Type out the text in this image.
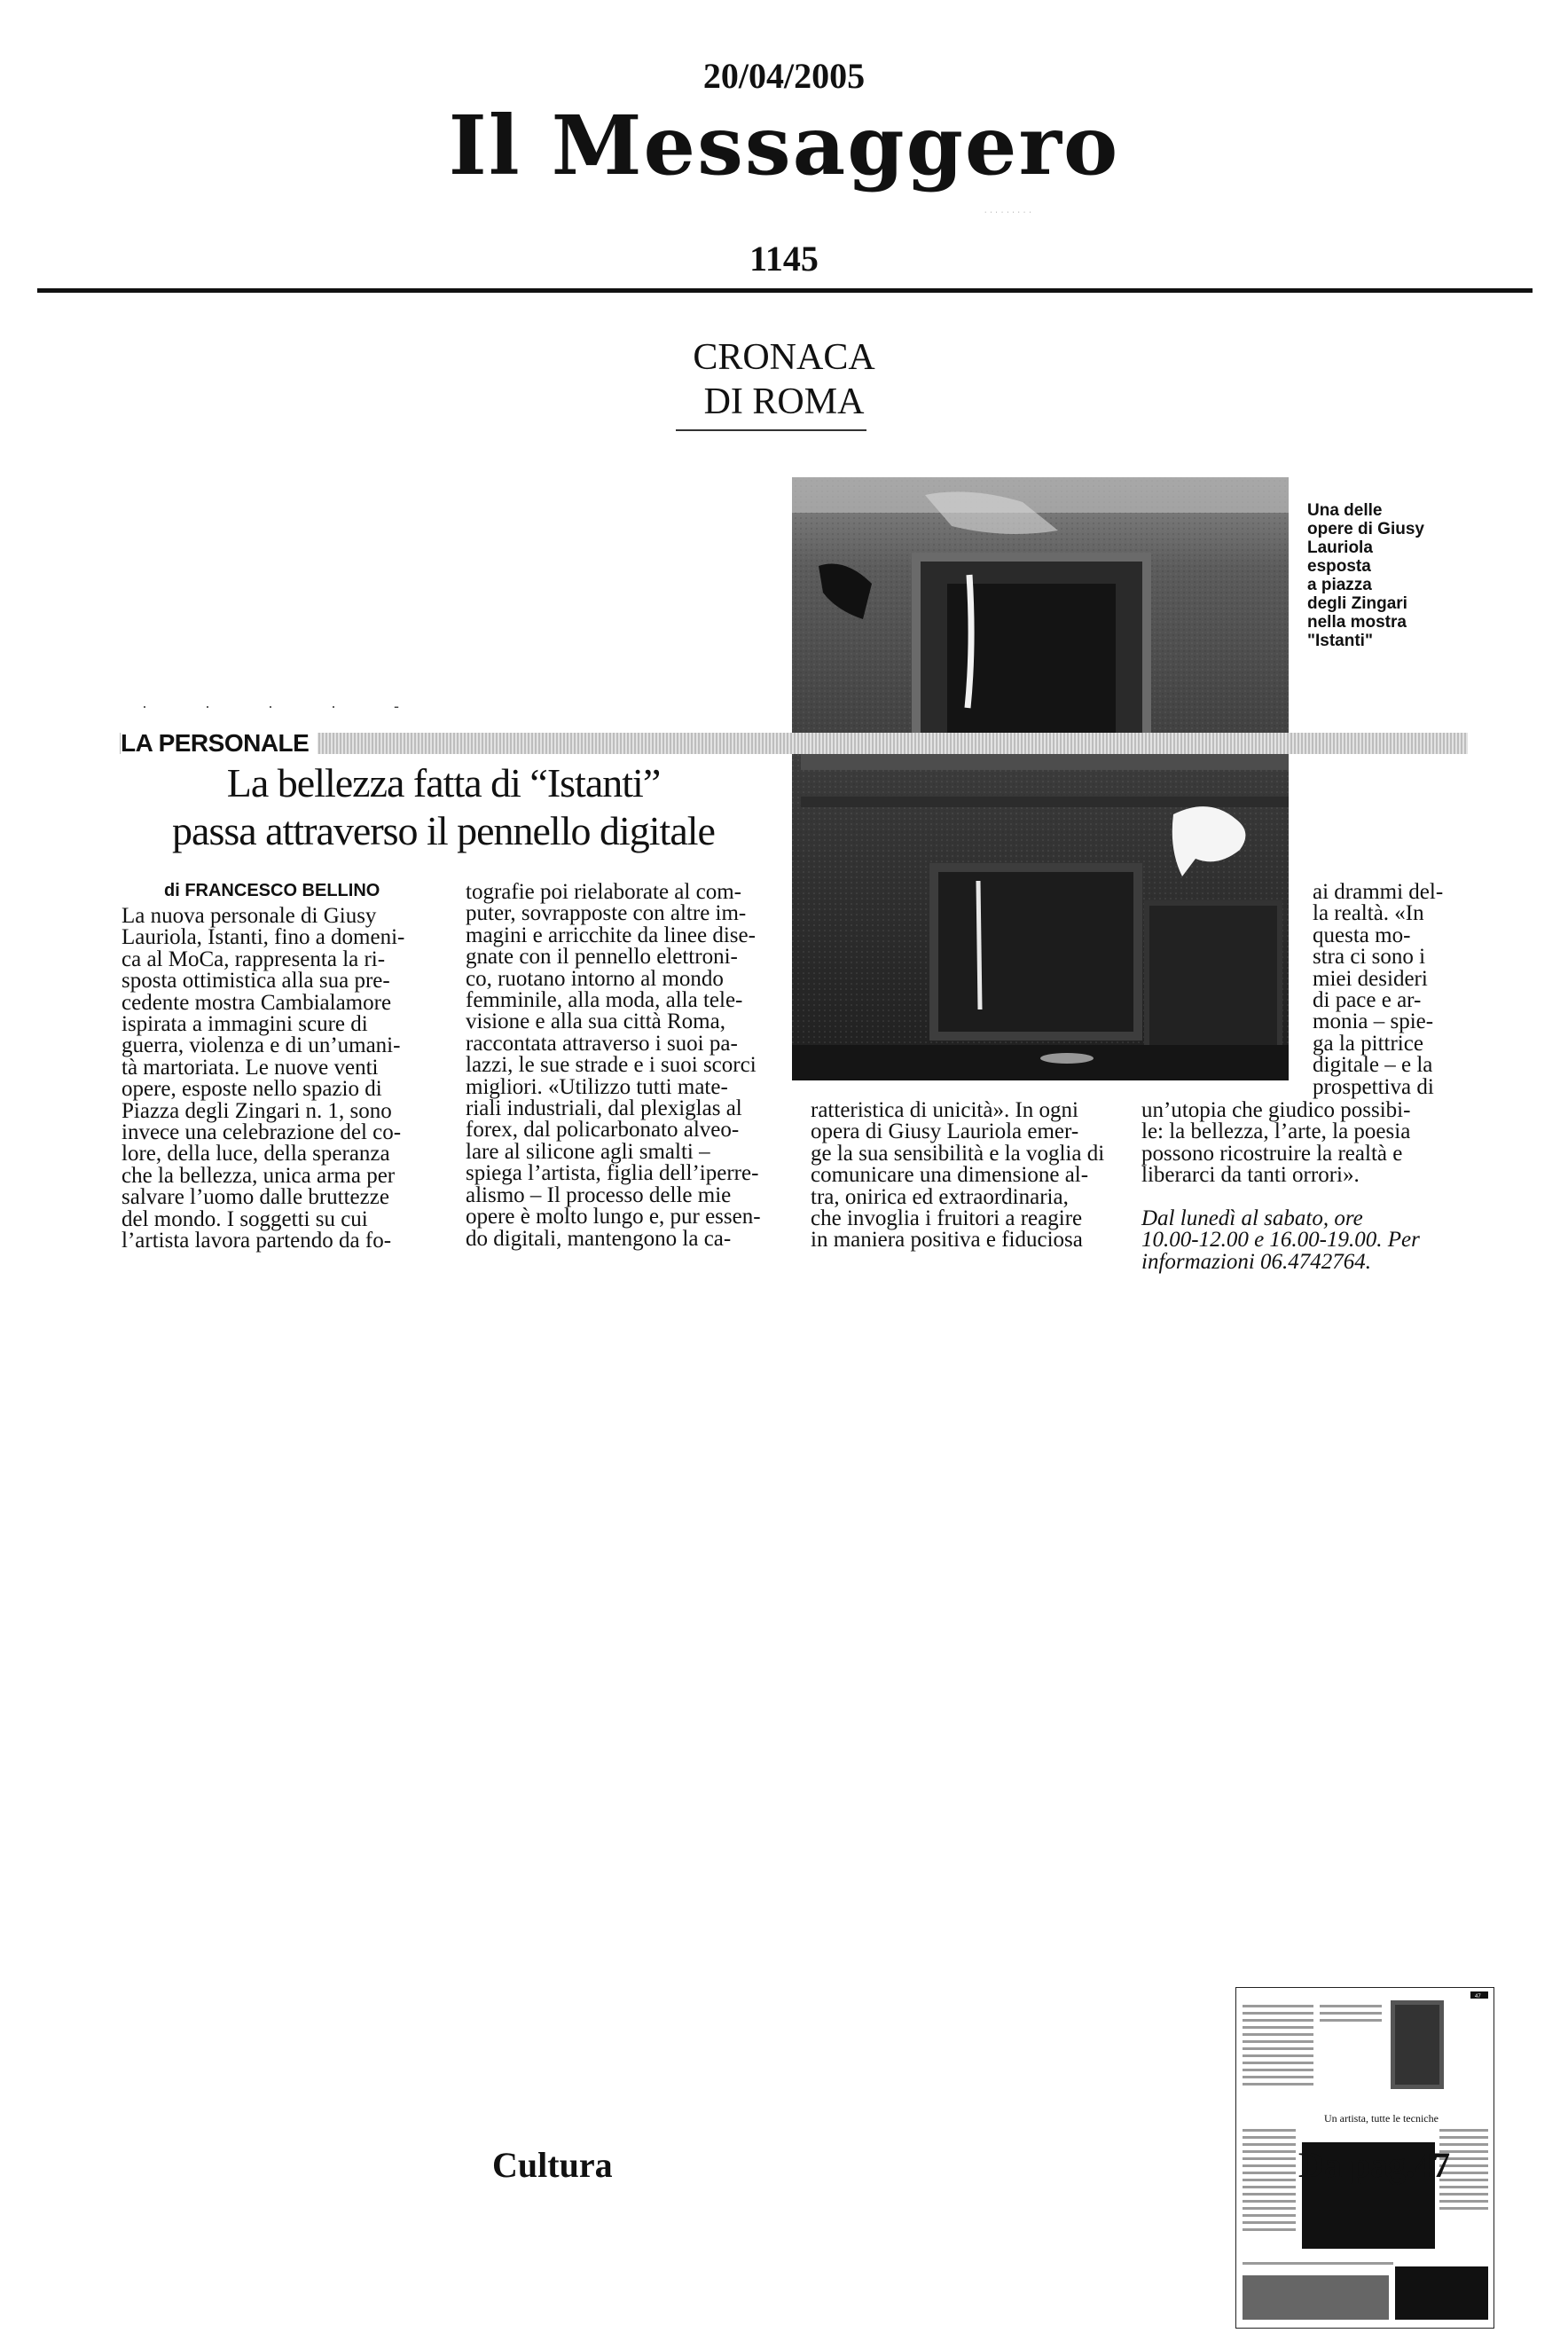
20/04/2005
Il Messaggero
· · · · · · · · ·
1145
CRONACA
DI ROMA
Una delle
opere di Giusy
Lauriola
esposta
a piazza
degli Zingari
nella mostra
"Istanti"
· · · · -
LA PERSONALE
La bellezza fatta di “Istanti”
passa attraverso il pennello digitale
di FRANCESCO BELLINO
La nuova personale di Giusy
Lauriola, Istanti, fino a domeni-
ca al MoCa, rappresenta la ri-
sposta ottimistica alla sua pre-
cedente mostra Cambialamore
ispirata a immagini scure di
guerra, violenza e di un’umani-
tà martoriata. Le nuove venti
opere, esposte nello spazio di
Piazza degli Zingari n. 1, sono
invece una celebrazione del co-
lore, della luce, della speranza
che la bellezza, unica arma per
salvare l’uomo dalle bruttezze
del mondo. I soggetti su cui
l’artista lavora partendo da fo-
tografie poi rielaborate al com-
puter, sovrapposte con altre im-
magini e arricchite da linee dise-
gnate con il pennello elettroni-
co, ruotano intorno al mondo
femminile, alla moda, alla tele-
visione e alla sua città Roma,
raccontata attraverso i suoi pa-
lazzi, le sue strade e i suoi scorci
migliori. «Utilizzo tutti mate-
riali industriali, dal plexiglas al
forex, dal policarbonato alveo-
lare al silicone agli smalti –
spiega l’artista, figlia dell’iperre-
alismo – Il processo delle mie
opere è molto lungo e, pur essen-
do digitali, mantengono la ca-
ratteristica di unicità». In ogni
opera di Giusy Lauriola emer-
ge la sua sensibilità e la voglia di
comunicare una dimensione al-
tra, onirica ed extraordinaria,
che invoglia i fruitori a reagire
in maniera positiva e fiduciosa
ai drammi del-
la realtà. «In
questa mo-
stra ci sono i
miei desideri
di pace e ar-
monia – spie-
ga la pittrice
digitale – e la
prospettiva di
un’utopia che giudico possibi-
le: la bellezza, l’arte, la poesia
possono ricostruire la realtà e
liberarci da tanti orrori».
Dal lunedì al sabato, ore
10.00-12.00 e 16.00-19.00. Per
informazioni 06.4742764.
47
Un artista, tutte le tecniche
Cultura	Da pag.47
